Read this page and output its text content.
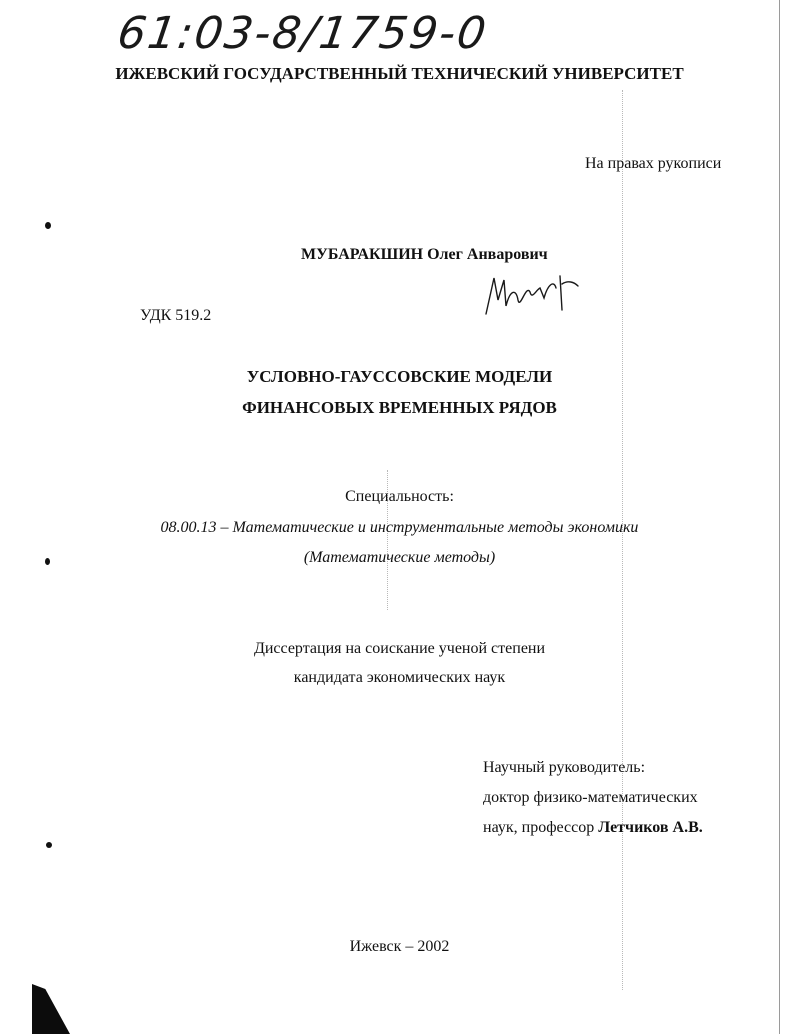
61:03-8/1759-0
ИЖЕВСКИЙ ГОСУДАРСТВЕННЫЙ ТЕХНИЧЕСКИЙ УНИВЕРСИТЕТ
На правах рукописи
МУБАРАКШИН Олег Анварович
УДК 519.2
УСЛОВНО-ГАУССОВСКИЕ МОДЕЛИ
ФИНАНСОВЫХ ВРЕМЕННЫХ РЯДОВ
Специальность:
08.00.13 – Математические и инструментальные методы экономики
(Математические методы)
Диссертация на соискание ученой степени
кандидата экономических наук
Научный руководитель:
доктор физико-математических
наук, профессор Летчиков А.В.
Ижевск – 2002
